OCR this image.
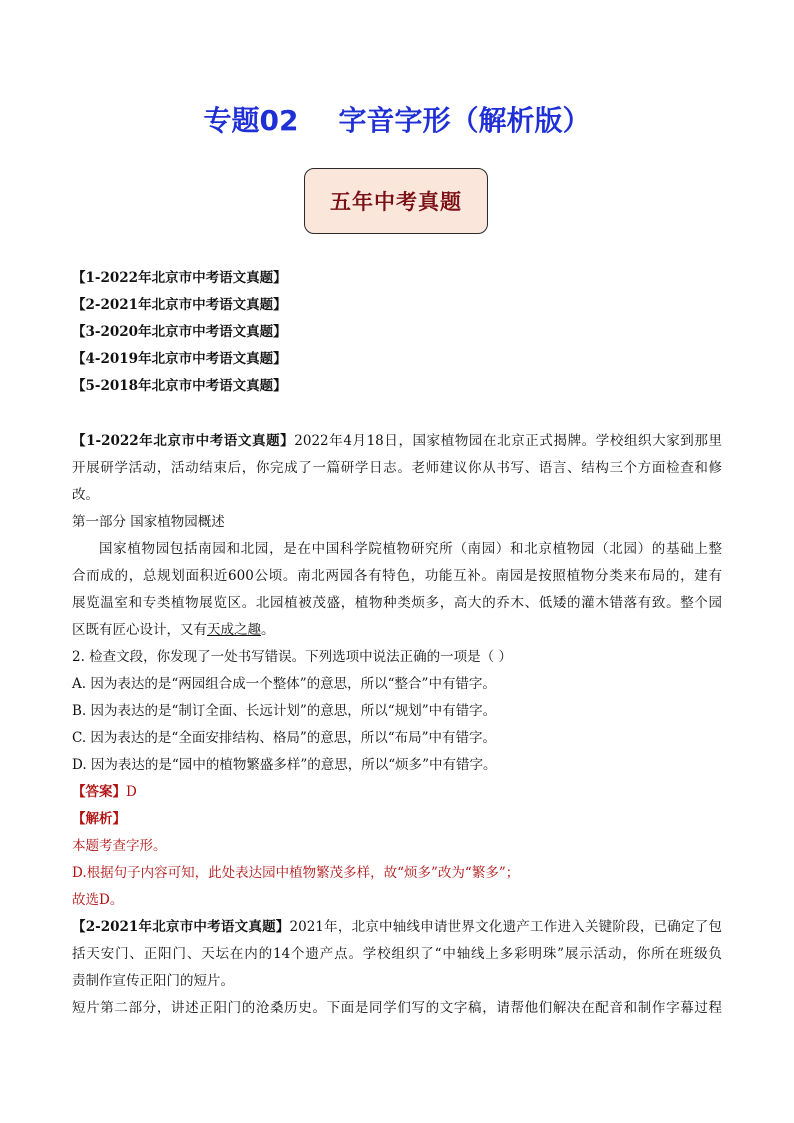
专题02 字音字形（解析版）
五年中考真题
【1-2022年北京市中考语文真题】
【2-2021年北京市中考语文真题】
【3-2020年北京市中考语文真题】
【4-2019年北京市中考语文真题】
【5-2018年北京市中考语文真题】
【1-2022年北京市中考语文真题】2022年4月18日，国家植物园在北京正式揭牌。学校组织大家到那里
开展研学活动，活动结束后，你完成了一篇研学日志。老师建议你从书写、语言、结构三个方面检查和修
改。
第一部分 国家植物园概述
国家植物园包括南园和北园，是在中国科学院植物研究所（南园）和北京植物园（北园）的基础上整
合而成的，总规划面积近600公顷。南北两园各有特色，功能互补。南园是按照植物分类来布局的，建有
展览温室和专类植物展览区。北园植被茂盛，植物种类烦多，高大的乔木、低矮的灌木错落有致。整个园
区既有匠心设计，又有天成之趣。
2. 检查文段，你发现了一处书写错误。下列选项中说法正确的一项是（ ）
A. 因为表达的是“两园组合成一个整体”的意思，所以“整合”中有错字。
B. 因为表达的是“制订全面、长远计划”的意思，所以“规划”中有错字。
C. 因为表达的是“全面安排结构、格局”的意思，所以“布局”中有错字。
D. 因为表达的是“园中的植物繁盛多样”的意思，所以“烦多”中有错字。
【答案】D
【解析】
本题考查字形。
D.根据句子内容可知，此处表达园中植物繁茂多样，故“烦多”改为“繁多”；
故选D。
【2-2021年北京市中考语文真题】2021年，北京中轴线申请世界文化遗产工作进入关键阶段，已确定了包
括天安门、正阳门、天坛在内的14个遗产点。学校组织了“中轴线上多彩明珠”展示活动，你所在班级负
责制作宣传正阳门的短片。
短片第二部分，讲述正阳门的沧桑历史。下面是同学们写的文字稿，请帮他们解决在配音和制作字幕过程
